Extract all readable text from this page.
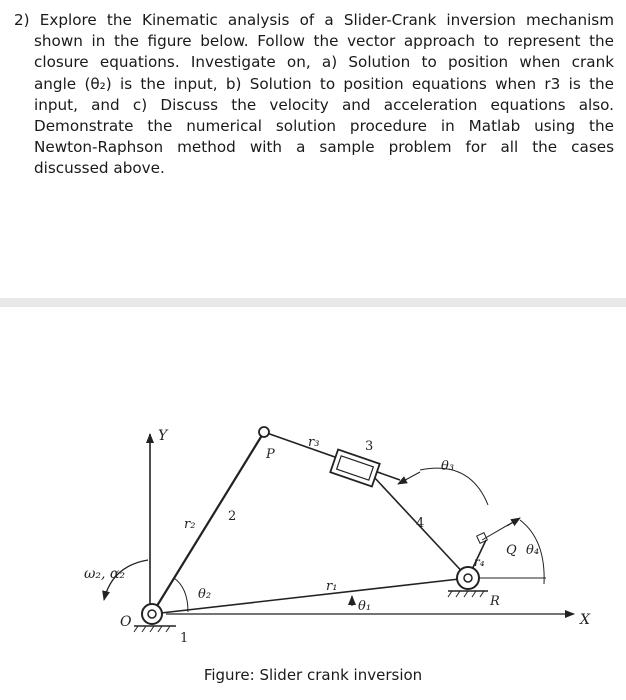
2) Explore the Kinematic analysis of a Slider-Crank inversion mechanism
shown in the figure below. Follow the vector approach to represent the
closure equations. Investigate on, a) Solution to position when crank
angle (θ₂) is the input, b) Solution to position equations when r3 is the
input, and c) Discuss the velocity and acceleration equations also.
Demonstrate the numerical solution procedure in Matlab using the
Newton-Raphson method with a sample problem for all the cases
discussed above.
Y
X
O
P
Q
R
1
2
3
4
r₁
r₂
r₃
r₄
θ₁
θ₂
θ₃
θ₄
ω₂, α₂
Figure: Slider crank inversion
